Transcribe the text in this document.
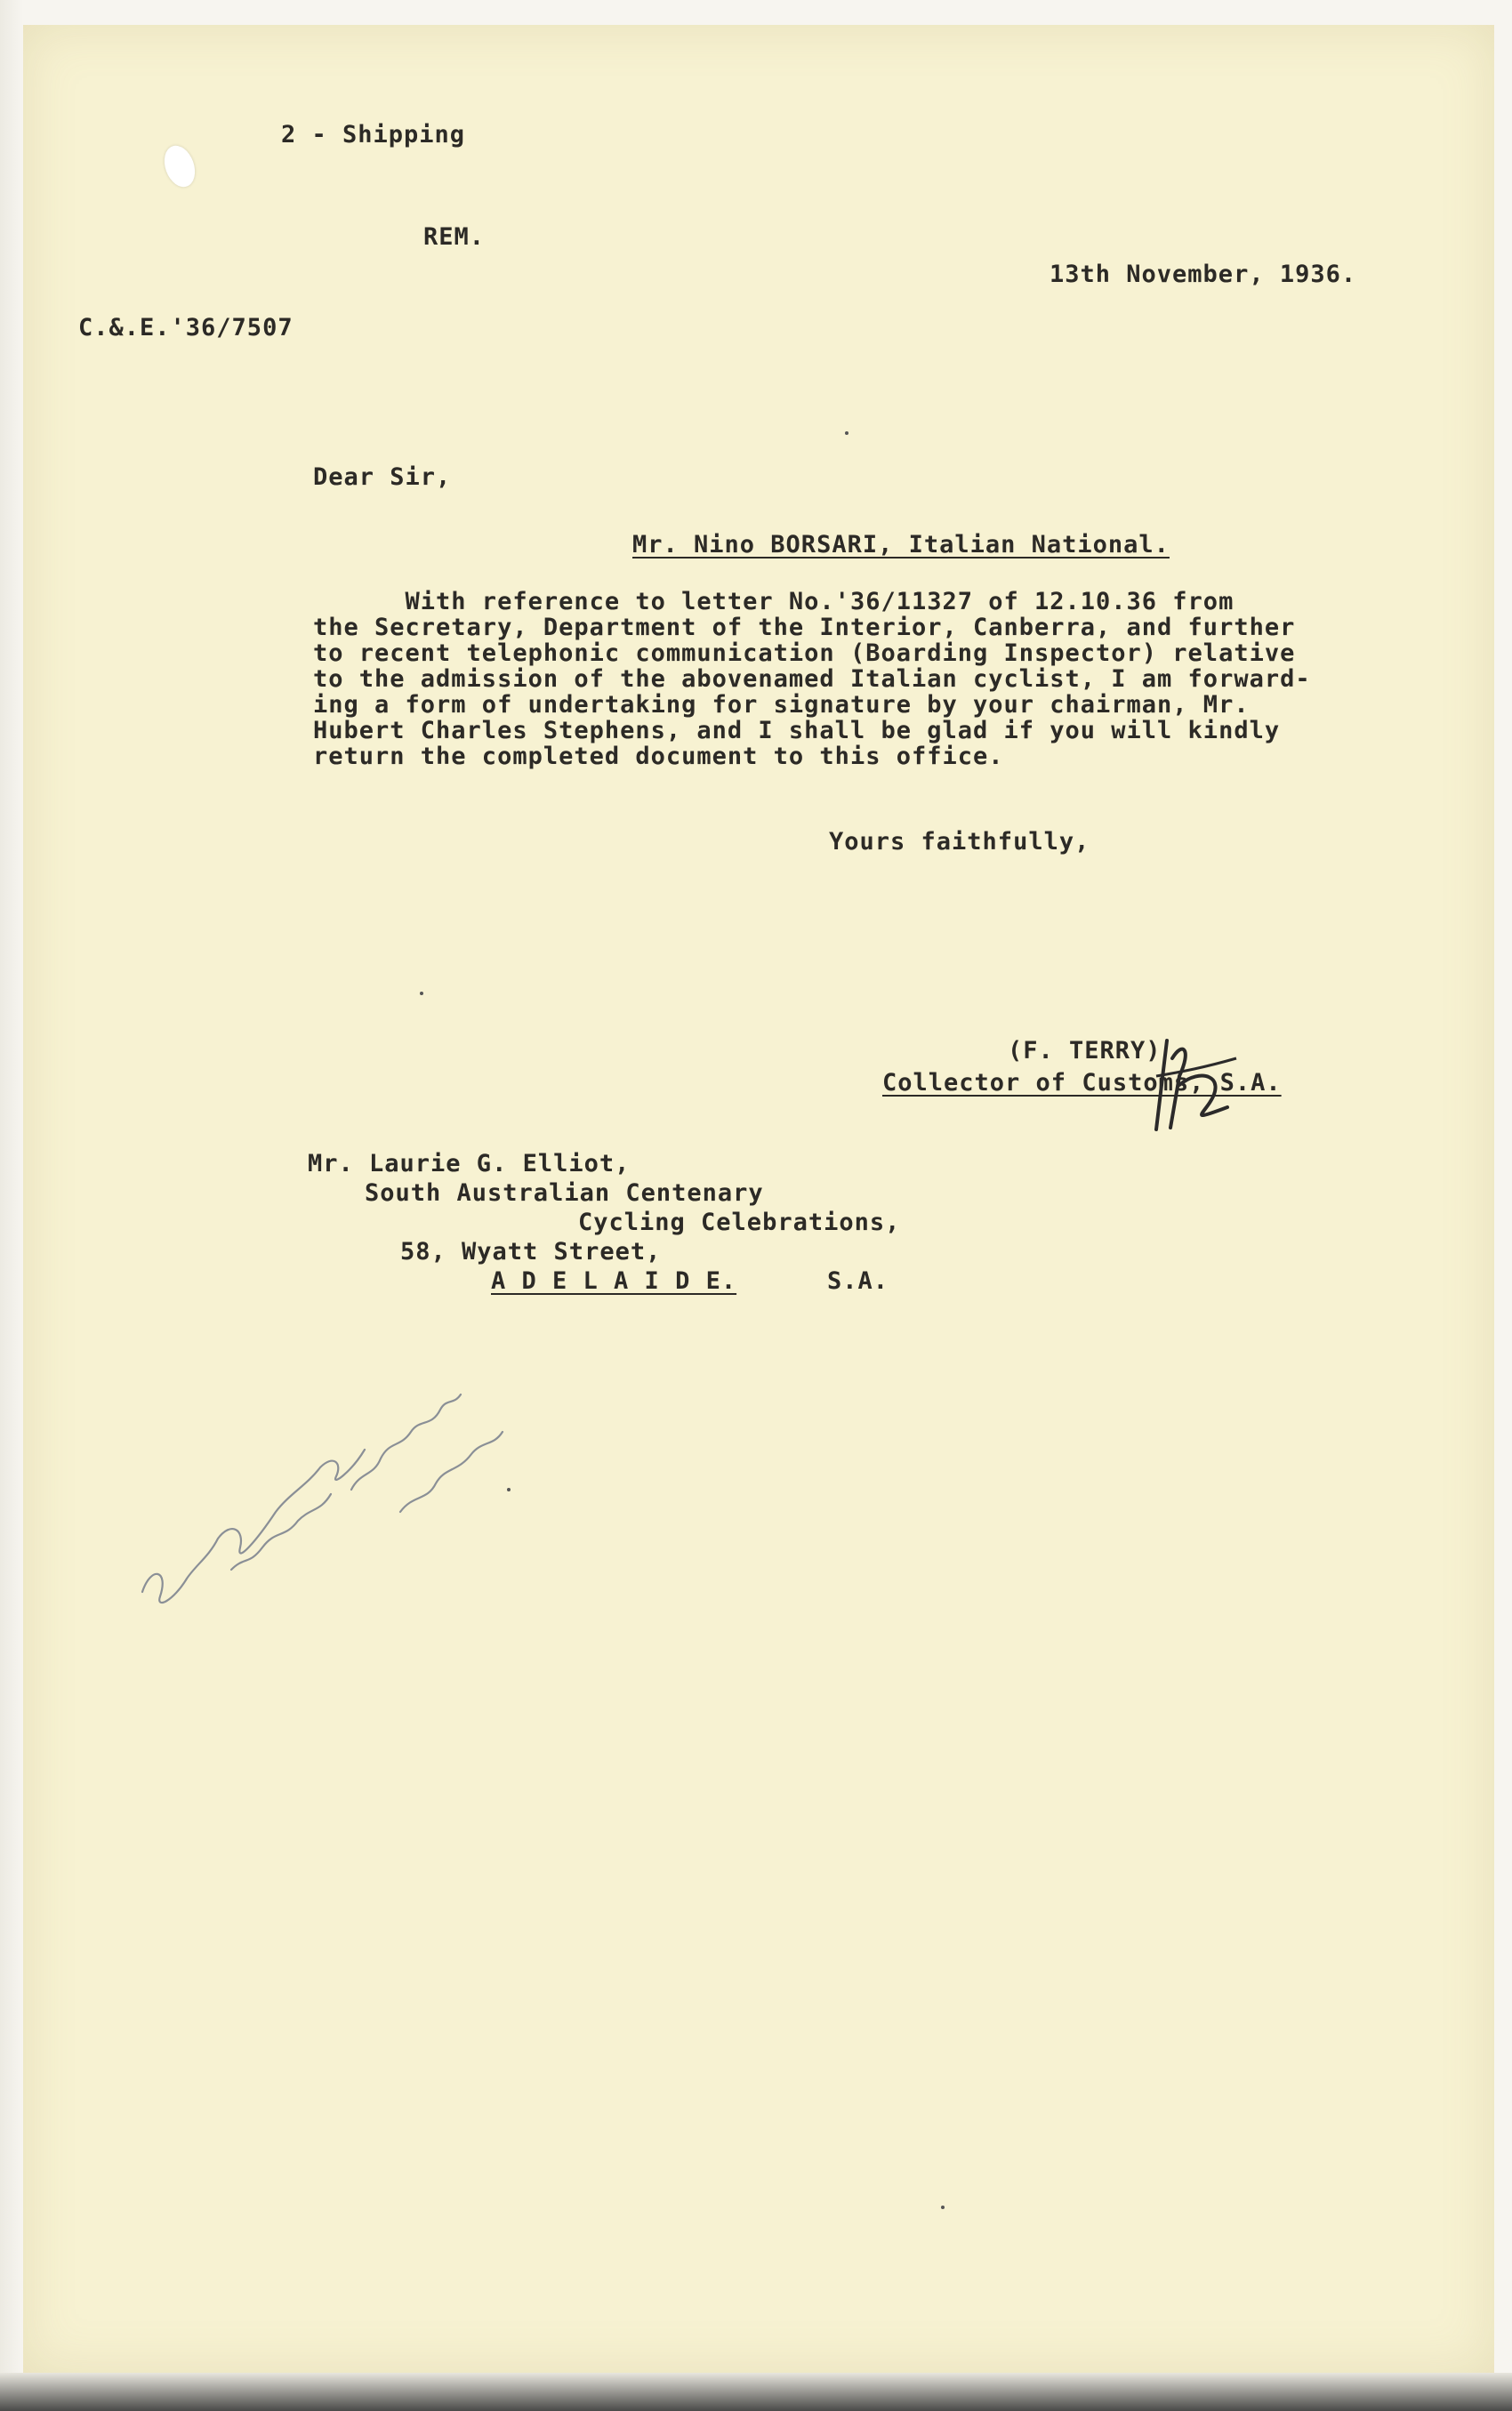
2 - Shipping

REM.

13th November, 1936.

C.&.E.'36/7507

Dear Sir,

Mr. Nino BORSARI, Italian National.

With reference to letter No.'36/11327 of 12.10.36 from

the Secretary, Department of the Interior, Canberra, and further

to recent telephonic communication (Boarding Inspector) relative

to the admission of the abovenamed Italian cyclist, I am forward-

ing a form of undertaking for signature by your chairman, Mr.

Hubert Charles Stephens, and I shall be glad if you will kindly

return the completed document to this office.

Yours faithfully,

(F. TERRY)

Collector of Customs, S.A.

Mr. Laurie G. Elliot,

South Australian Centenary

Cycling Celebrations,

58, Wyatt Street,

A D E L A I D E.	S.A.
